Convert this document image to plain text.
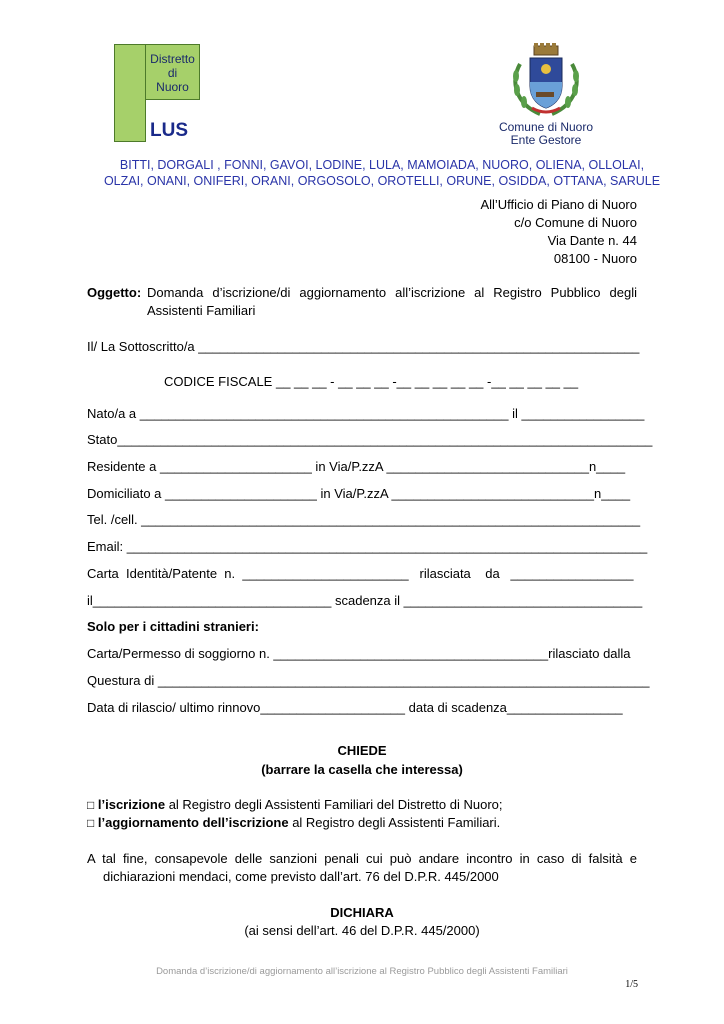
Distretto
di
Nuoro
LUS	Comune di Nuoro
Ente Gestore
BITTI, DORGALI , FONNI, GAVOI, LODINE, LULA, MAMOIADA, NUORO, OLIENA, OLLOLAI,
OLZAI, ONANI, ONIFERI, ORANI, ORGOSOLO, OROTELLI, ORUNE, OSIDDA, OTTANA, SARULE
All’Ufficio di Piano di Nuoro
c/o Comune di Nuoro
Via Dante n. 44
08100 - Nuoro
Oggetto: Domanda d’iscrizione/di aggiornamento all’iscrizione al Registro Pubblico degli
Assistenti Familiari
Il/ La Sottoscritto/a _____________________________________________________________
CODICE FISCALE __ __ __ - __ __ __ -__ __ __ __ __ -__ __ __ __ __
Nato/a a ___________________________________________________ il _________________
Stato__________________________________________________________________________
Residente a _____________________ in Via/P.zzA ____________________________n____
Domiciliato a _____________________ in Via/P.zzA ____________________________n____
Tel. /cell. _____________________________________________________________________
Email: ________________________________________________________________________
Carta  Identità/Patente  n.  _______________________   rilasciata    da   _________________
il_________________________________ scadenza il _________________________________
Solo per i cittadini stranieri:
Carta/Permesso di soggiorno n. ______________________________________rilasciato dalla
Questura di ____________________________________________________________________
Data di rilascio/ ultimo rinnovo____________________ data di scadenza________________
CHIEDE
(barrare la casella che interessa)
□ l’iscrizione al Registro degli Assistenti Familiari del Distretto di Nuoro;
□ l’aggiornamento dell’iscrizione al Registro degli Assistenti Familiari.
A tal fine, consapevole delle sanzioni penali cui può andare incontro in caso di falsità e
dichiarazioni mendaci, come previsto dall’art. 76 del D.P.R. 445/2000
DICHIARA
(ai sensi dell’art. 46 del D.P.R. 445/2000)
Domanda d’iscrizione/di aggiornamento all’iscrizione al Registro Pubblico degli Assistenti Familiari
1/5
